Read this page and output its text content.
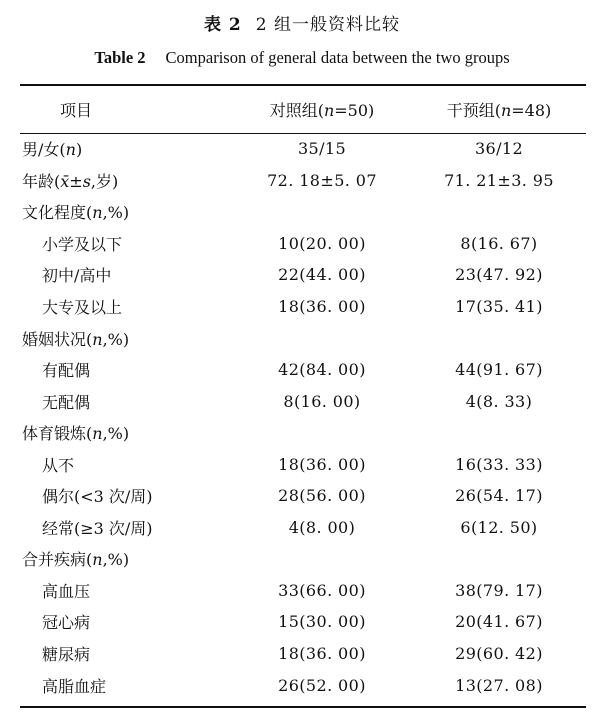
表 2 2 组一般资料比较
Table 2 Comparison of general data between the two groups
项目	对照组(n=50)	干预组(n=48)
男/女(n)	35/15	36/12
年龄(x̄±s,岁)	72. 18±5. 07	71. 21±3. 95
文化程度(n,%)		
小学及以下	10(20. 00)	8(16. 67)
初中/高中	22(44. 00)	23(47. 92)
大专及以上	18(36. 00)	17(35. 41)
婚姻状况(n,%)		
有配偶	42(84. 00)	44(91. 67)
无配偶	8(16. 00)	4(8. 33)
体育锻炼(n,%)		
从不	18(36. 00)	16(33. 33)
偶尔(<3 次/周)	28(56. 00)	26(54. 17)
经常(≥3 次/周)	4(8. 00)	6(12. 50)
合并疾病(n,%)		
高血压	33(66. 00)	38(79. 17)
冠心病	15(30. 00)	20(41. 67)
糖尿病	18(36. 00)	29(60. 42)
高脂血症	26(52. 00)	13(27. 08)
